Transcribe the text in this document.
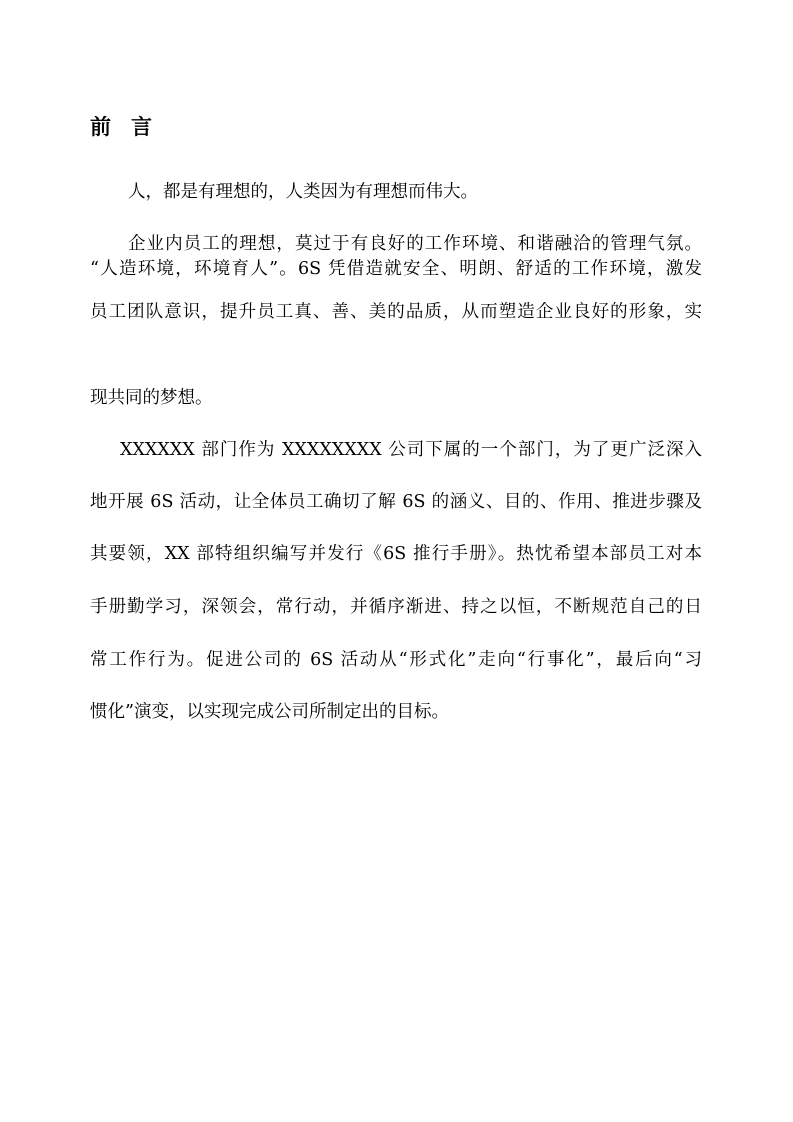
前 言
人，都是有理想的，人类因为有理想而伟大。
企业内员工的理想，莫过于有良好的工作环境、和谐融洽的管理气氛。
“人造环境，环境育人”。6S 凭借造就安全、明朗、舒适的工作环境，激发
员工团队意识，提升员工真、善、美的品质，从而塑造企业良好的形象，实
现共同的梦想。
XXXXXX 部门作为 XXXXXXXX 公司下属的一个部门，为了更广泛深入
地开展 6S 活动，让全体员工确切了解 6S 的涵义、目的、作用、推进步骤及
其要领，XX 部特组织编写并发行《6S 推行手册》。热忱希望本部员工对本
手册勤学习，深领会，常行动，并循序渐进、持之以恒，不断规范自己的日
常工作行为。促进公司的 6S 活动从“形式化”走向“行事化”，最后向“习
惯化”演变，以实现完成公司所制定出的目标。
